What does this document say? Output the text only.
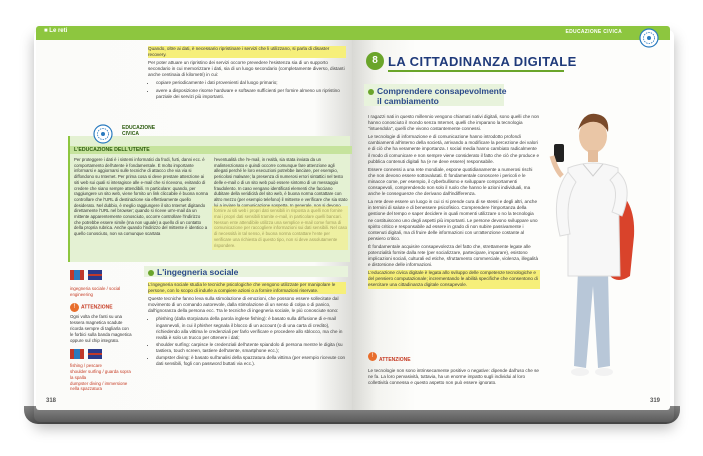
■ Le reti

Quando, oltre ai dati, è necessario ripristinare i servizi che li utilizzano, si parla di disaster recovery.

Per poter attuare un ripristino dei servizi occorre prevedere l'esistenza sia di un supporto secondario in cui memorizzare i dati, sia di un luogo secondario (completamente diverso, distanti anche centinaia di kilometri) in cui:

• copiare periodicamente i dati provenienti dal luogo primario;
• avere a disposizione risorse hardware e software sufficienti per fornire almeno un ripristino parziale dei servizi più importanti.
EDUCAZIONE
CIVICA
L'EDUCAZIONE DELL'UTENTE
Per proteggere i dati è i sistemi informatici da frodi, furti, danni ecc. è comportamento dell'utente è fondamentale. È molto importante informarsi e aggiornarsi sulle tecniche di attacco che via via si diffondono su Internet. Per prima cosa si deve prestare attenzione ai siti web sui quali si interagisce alle e-mail che si ricevono, evitando di credere che siano sempre attendibili. In particolare: quando, per raggiungere un sito web, viene fornito un link cliccabile è buona norma controllare che l'URL di destinazione sia effettivamente quello desiderato. Nel dubbio, è meglio raggiungere il sito Internet digitando direttamente l'URL nel browser; quando si riceve un'e-mail da un mittente apparentemente conosciuto, occorre controllare l'indirizzo che potrebbe essere simile (ma non uguale) a quello di un contatto della propria rubrica. Anche quando l'indirizzo del mittente è identico a quello conosciuto, non va comunque scartata
l'eventualità che l'e-mail, in realtà, sia stata inviata da un malintenzionato e quindi occorre comunque fare attenzione agli allegati perché le loro esecuzioni potrebbe lanciare, per esempio, pericolosi malware; la presenza di numerosi errori sintattici nel testo delle e-mail o di un sito web può essere sintomo di un messaggio fraudolento. In caso vengano identificati elementi che facciano dubitare della veridicità del sito web, è buona norma contattare con altro mezzo (per esempio telefono) il mittente e verificare che sia stato
ingegneria sociale / social engineering
! ATTENZIONE
Ogni volta che fanti su una tessera magnetica scadute ricorda sempre di tagliarla con le forbici sulla banda magnetica oppure sul chip integrato.
fishing / pescare
shoulder surfing / guarda sopra la spalla
dumpster diving / immersione nella spazzatura
L'ingegneria sociale

L'ingegneria sociale studia le tecniche psicologiche che vengono utilizzate per manipolare le persone, con lo scopo di indurle a compiere azioni o a fornire informazioni riservate.

Queste tecniche fanno leva sulla stimolazione di emozioni, che possono essere sollecitate dal movimento di un comando autorevole, dalla stimolazione di un senso di colpa o di panico, dall'ignoranza della persona ecc. Tra le tecniche di ingegneria sociale, le più conosciute sono:

• phishing (dalla storpiatura della parola inglese fishing): è basato sulla diffusione di e-mail ingannevoli, in cui il phisher segnala il blocco di un account (o di una carta di credito), richiedendo alla vittima le credenziali per farlo verificare e procedere allo sblocco, ma che in realtà è solo un trucco per ottenere i dati;
• shoulder surfing: carpisce le credenziali dell'utente spiandolo di persona mentre le digita (su tastiera, touch screen, tastiere dell'utente, smartphone ecc.);
• dumpster diving: è basato sull'analisi della spazzatura della vittima (per esempio ricevute con dati sensibili, fogli con password buttati via ecc.).
318
EDUCAZIONE CIVICA
8 LA CITTADINANZA DIGITALE
Comprendere consapevolmente
il cambiamento

I ragazzi nati in questo millennio vengono chiamati nativi digitali, sono quelli che non hanno conosciuto il mondo senza Internet, quelli che imparano la tecnologia "intuendola", quelli che vivono costantemente connessi.

Le tecnologie di informazione e di comunicazione hanno introdotto profondi cambiamenti all'interno della società, arrivando a modificare la percezione dei valori e di ciò che ha veramente importanza. I social media hanno cambiato radicalmente il modo di comunicare e non sempre viene considerato il fatto che ciò che produce e pubblica contenuti digitali ha (e ne deve essere) responsabile.

Essere connessi a una rete mondiale, espone quotidianamente a numerosi rischi che non devono essere sottovalutati. È fondamentale conoscere i pericoli e le minacce come, per esempio, il cyberbullismo e sviluppare comportamenti consapevoli, comprendendo non solo il ruolo che hanno le azioni individuali, ma anche le conseguenze che derivano dall'indifferenza.

La rete deve essere un luogo in cui ci si prende cura di se stessi e degli altri, anche in termini di salute e di benessere psicofisico. Comprendere l'importanza della gestione del tempo e saper decidere in quali momenti utilizzare o no la tecnologia ne costituiscono uno degli aspetti più importanti. Le persone devono sviluppare uno spirito critico e responsabile ad essere in grado di non subire passivamente i contenuti digitali, ma di fruire delle informazioni con un'attenzione costante al pensiero critico.

È fondamentale acquisire consapevolezza del fatto che, strettamente legate alle potenzialità fornite dalla rete (per socializzare, partecipare, imparare), esistono implicazioni sociali, culturali ed etiche, sfruttamento commerciale, violenza, illegalità e distorsione delle informazioni.

L'educazione civica digitale è legata allo sviluppo delle competenze tecnologiche e del pensiero computazionale; incrementando le abilità specifiche che consentono di esercitare una cittadinanza digitale consapevole.

!ATTENZIONE
Le tecnologie non sono intrinsecamente positive o negative: dipende dall'uso che se ne fa. La loro pervasività, tuttavia, ha un enorme impatto sugli individui al loro collettività connessa e questo aspetto non può essere ignorato.
319
